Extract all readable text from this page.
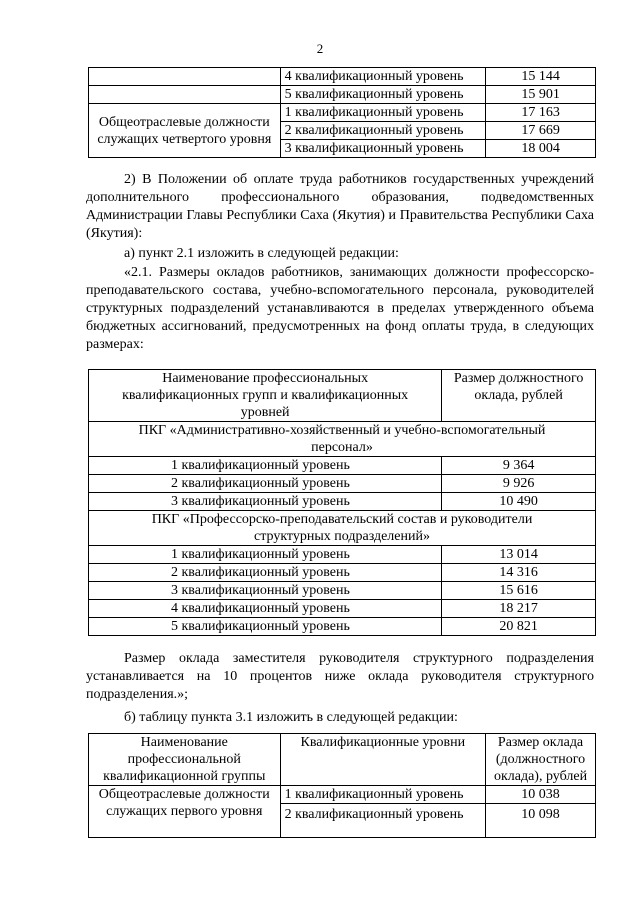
2
	4 квалификационный уровень	15 144
	5 квалификационный уровень	15 901
Общеотраслевые должности служащих четвертого уровня	1 квалификационный уровень	17 163
	2 квалификационный уровень	17 669
	3 квалификационный уровень	18 004
2) В Положении об оплате труда работников государственных учреждений дополнительного профессионального образования, подведомственных Администрации Главы Республики Саха (Якутия) и Правительства Республики Саха (Якутия):
а) пункт 2.1 изложить в следующей редакции:
«2.1. Размеры окладов работников, занимающих должности профессорско-преподавательского состава, учебно-вспомогательного персонала, руководителей структурных подразделений устанавливаются в пределах утвержденного объема бюджетных ассигнований, предусмотренных на фонд оплаты труда, в следующих размерах:
Наименование профессиональных квалификационных групп и квалификационных уровней	Размер должностного оклада, рублей
ПКГ «Административно-хозяйственный и учебно-вспомогательный персонал»	
1 квалификационный уровень	9 364
2 квалификационный уровень	9 926
3 квалификационный уровень	10 490
ПКГ «Профессорско-преподавательский состав и руководители структурных подразделений»	
1 квалификационный уровень	13 014
2 квалификационный уровень	14 316
3 квалификационный уровень	15 616
4 квалификационный уровень	18 217
5 квалификационный уровень	20 821
Размер оклада заместителя руководителя структурного подразделения устанавливается на 10 процентов ниже оклада руководителя структурного подразделения.»;
б) таблицу пункта 3.1 изложить в следующей редакции:
Наименование профессиональной квалификационной группы	Квалификационные уровни	Размер оклада (должностного оклада), рублей
Общеотраслевые должности служащих первого уровня	1 квалификационный уровень	10 038
	2 квалификационный уровень	10 098
